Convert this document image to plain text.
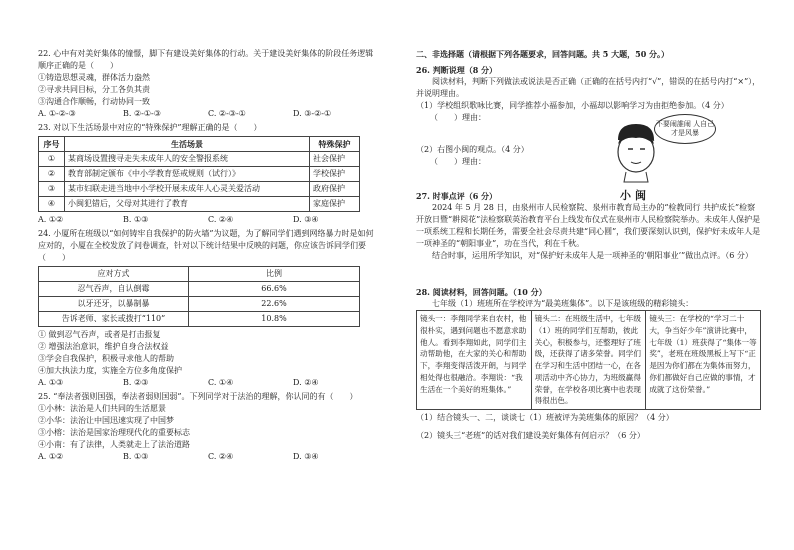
22. 心中有对美好集体的憧憬，脚下有建设美好集体的行动。关于建设美好集体的阶段任务逻辑顺序正确的是（　　）

①铸造思想灵魂，群体活力盎然

②寻求共同目标，分工各负其责

③沟通合作顺畅，行动协同一致

A. ①-②-③	B. ②-①-③	C. ②-③-①	D. ③-②-①

23. 对以下生活场景中对应的“特殊保护”理解正确的是（　　）

序号	生活场景	特殊保护
①	某商场设置搜寻走失未成年人的安全警报系统	社会保护
②	教育部制定颁布《中小学教育惩戒规则（试行）》	学校保护
③	某市妇联走进当地中小学校开展未成年人心灵关爱活动	政府保护
④	小闽犯错后，父母对其进行了教育	家庭保护
A. ①②	B. ①③	C. ②④	D. ③④

24. 小厦所在班级以“如何铸牢自我保护的防火墙”为议题，为了解同学们遇到网络暴力时是如何应对的，小厦在全校发放了问卷调查，针对以下统计结果中反映的问题，你应该告诉同学们要（　　）

应对方式	比例
忍气吞声，自认倒霉	66.6%
以牙还牙，以暴制暴	22.6%
告诉老师、家长或拨打“110”	10.8%

① 做到忍气吞声，或者是打击报复

② 增强法治意识，维护自身合法权益

③学会自我保护，积极寻求他人的帮助

④加大执法力度，实施全方位多角度保护

A. ①③	B. ②③	C. ①④	D. ②④

25. “奉法者强则国强，奉法者弱则国弱”。下列同学对于法治的理解，你认同的有（　　）

①小林：法治是人们共同的生活愿景

②小华：法治让中国迅速实现了中国梦

③小榕：法治是国家治理现代化的重要标志

④小南：有了法律，人类就走上了法治道路

A. ①②	B. ①③	C. ②④	D. ③④

二、非选择题（请根据下列各题要求，回答问题。共 5 大题，50 分。）

26. 判断说理（8 分）

阅读材料，判断下列做法或说法是否正确（正确的在括号内打“√”，错误的在括号内打“×”），并说明理由。

（1）学校组织歌咏比赛，同学推荐小福参加，小福却以影响学习为由拒绝参加。（4 分）

（　　）理由：

（2）右图小闽的观点。（4 分）

（　　）理由：

27. 时事点评（6 分）

2024 年 5 月 28 日，由泉州市人民检察院、泉州市教育局主办的“检教同行 共护成长”检察开放日暨“耕阅花”法检察联英治教育平台上线发布仪式在泉州市人民检察院举办。未成年人保护是一项系统工程和长期任务，需要全社会尽责共建“同心圆”，我们要深刻认识到，保护好未成年人是一项神圣的“朝阳事业”，功在当代，利在千秋。

结合时事，运用所学知识，对“保护好未成年人是一项神圣的‘朝阳事业’”做出点评。（6 分）

28. 阅读材料，回答问题。（10 分）

七年级（1）班班所在学校评为“最美班集体”。以下是该班级的精彩镜头：

镜头一：李翔同学来自农村，他很朴实，遇到问题也不愿意求助他人。看到李翔如此，同学们主动帮助他，在大家的关心和帮助下，李翔变得活泼开朗，与同学相处得也很融洽。李翔说：“我生活在一个美好的班集体。”	镜头二：在班级生活中，七年级（1）班的同学们互帮助，彼此关心，积极参与，还整理好了班级，还获得了诸多荣誉。同学们在学习和生活中团结一心，在各项活动中齐心协力，为班级赢得荣誉，在学校各项比赛中也表现得很出色。	镜头三：在学校的“学习二十大，争当好少年”演讲比赛中，七年级（1）班获得了“集体一等奖”，老班在班级黑板上写下“正是因为你们都在为集体而努力，你们都做好自己应做的事情，才成就了这份荣誉。”

（1）结合镜头一、二，谈谈七（1）班被评为美班集体的原因？（4 分）

（2）镜头三“老班”的话对我们建设美好集体有何启示？（6 分）

不要闹誰闹 人自己才是风暴
小闽
